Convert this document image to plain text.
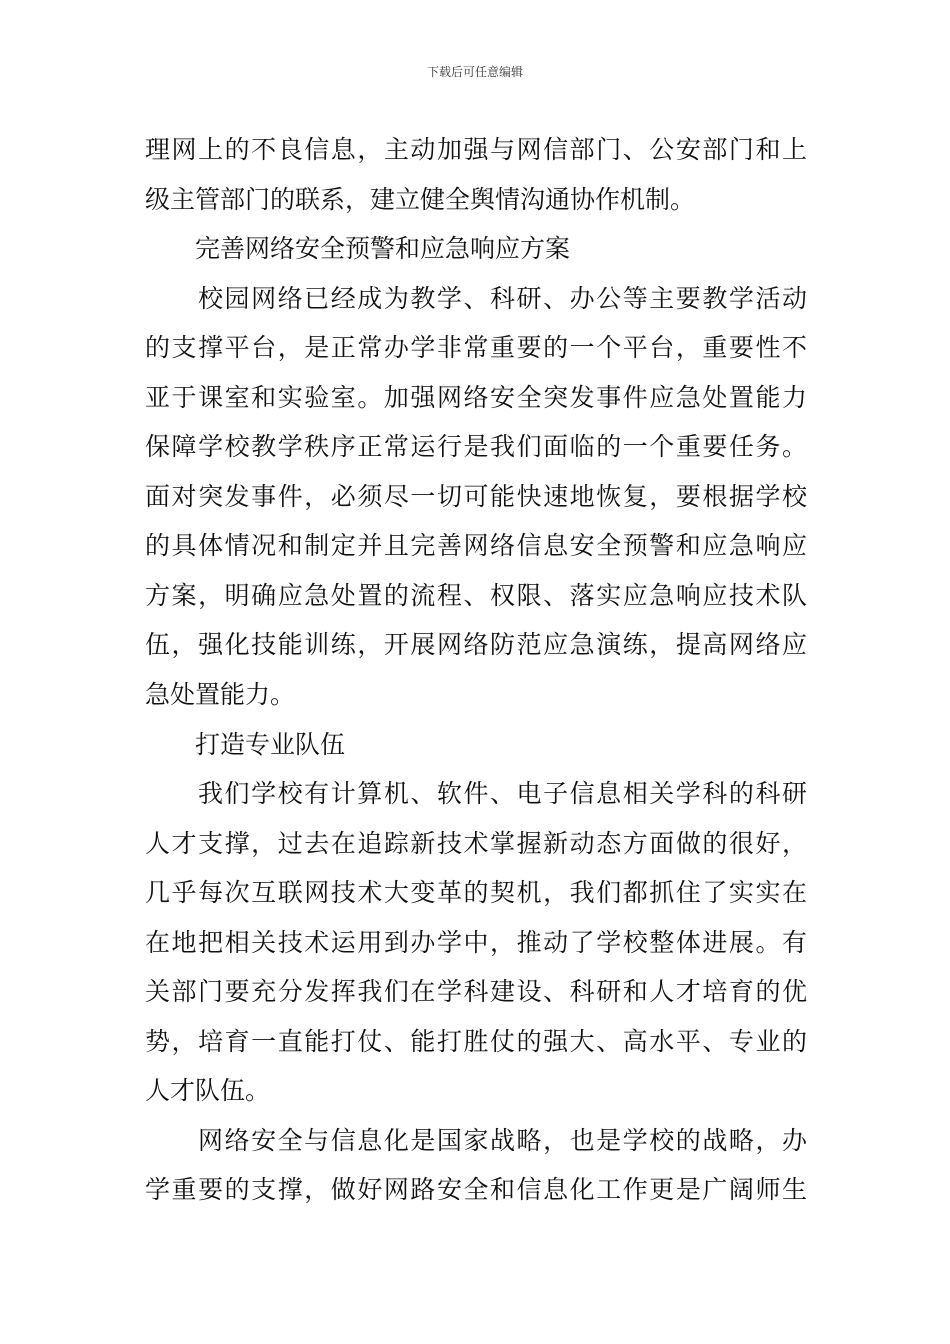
下载后可任意编辑
理网上的不良信息，主动加强与网信部门、公安部门和上
级主管部门的联系，建立健全舆情沟通协作机制。
完善网络安全预警和应急响应方案
校园网络已经成为教学、科研、办公等主要教学活动
的支撑平台，是正常办学非常重要的一个平台，重要性不
亚于课室和实验室。加强网络安全突发事件应急处置能力
保障学校教学秩序正常运行是我们面临的一个重要任务。
面对突发事件，必须尽一切可能快速地恢复，要根据学校
的具体情况和制定并且完善网络信息安全预警和应急响应
方案，明确应急处置的流程、权限、落实应急响应技术队
伍，强化技能训练，开展网络防范应急演练，提高网络应
急处置能力。
打造专业队伍
我们学校有计算机、软件、电子信息相关学科的科研
人才支撑，过去在追踪新技术掌握新动态方面做的很好，
几乎每次互联网技术大变革的契机，我们都抓住了实实在
在地把相关技术运用到办学中，推动了学校整体进展。有
关部门要充分发挥我们在学科建设、科研和人才培育的优
势，培育一直能打仗、能打胜仗的强大、高水平、专业的
人才队伍。
网络安全与信息化是国家战略，也是学校的战略，办
学重要的支撑，做好网路安全和信息化工作更是广阔师生
